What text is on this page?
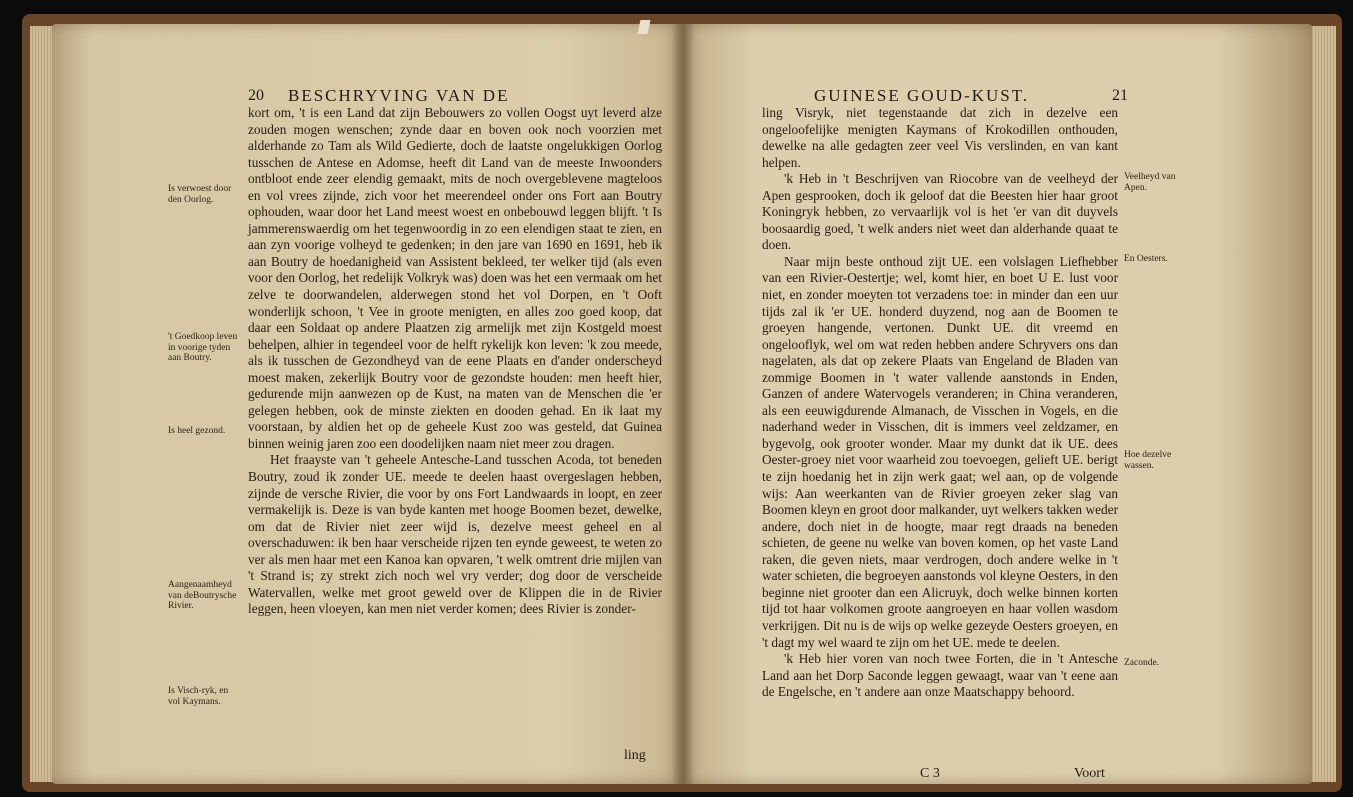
20 BESCHRYVING VAN DE

kort om, 't is een Land dat zijn Bebouwers zo vollen Oogst uyt leverd alze zouden mogen wenschen; zynde daar en boven ook noch voorzien met alderhande zo Tam als Wild Gedierte, doch de laatste ongelukkigen Oorlog tusschen de Antese en Adomse, heeft dit Land van de meeste Inwoonders ontbloot ende zeer elendig gemaakt, mits de noch overgeblevene magteloos en vol vrees zijnde, zich voor het meerendeel onder ons Fort aan Boutry ophouden, waar door het Land meest woest en onbebouwd leggen blijft. 't Is jammerenswaerdig om het tegenwoordig in zo een elendigen staat te zien, en aan zyn voorige volheyd te gedenken; in den jare van 1690 en 1691, heb ik aan Boutry de hoedanigheid van Assistent bekleed, ter welker tijd (als even voor den Oorlog, het redelijk Volkryk was) doen was het een vermaak om het zelve te doorwandelen, alderwegen stond het vol Dorpen, en 't Ooft wonderlijk schoon, 't Vee in groote menigten, en alles zoo goed koop, dat daar een Soldaat op andere Plaatzen zig armelijk met zijn Kostgeld moest behelpen, alhier in tegendeel voor de helft rykelijk kon leven: 'k zou meede, als ik tusschen de Gezondheyd van de eene Plaats en d'ander onderscheyd moest maken, zekerlijk Boutry voor de gezondste houden: men heeft hier, gedurende mijn aanwezen op de Kust, na maten van de Menschen die 'er gelegen hebben, ook de minste ziekten en dooden gehad. En ik laat my voorstaan, by aldien het op de geheele Kust zoo was gesteld, dat Guinea binnen weinig jaren zoo een doodelijken naam niet meer zou dragen.

Het fraayste van 't geheele Antesche-Land tusschen Acoda, tot beneden Boutry, zoud ik zonder UE. meede te deelen haast overgeslagen hebben, zijnde de versche Rivier, die voor by ons Fort Landwaards in loopt, en zeer vermakelijk is. Deze is van byde kanten met hooge Boomen bezet, dewelke, om dat de Rivier niet zeer wijd is, dezelve meest geheel en al overschaduwen: ik ben haar verscheide rijzen ten eynde geweest, te weten zo ver als men haar met een Kanoa kan opvaren, 't welk omtrent drie mijlen van 't Strand is; zy strekt zich noch wel vry verder; dog door de verscheide Watervallen, welke met groot geweld over de Klippen die in de Rivier leggen, heen vloeyen, kan men niet verder komen; dees Rivier is zonder-

ling
Is verwoest door den Oorlog.
't Goedkoop leven in voorige tyden aan Boutry.
Is heel gezond.
Aangenaamheyd van deBoutrysche Rivier.
Is Visch-ryk, en vol Kaymans.
GUINESE GOUD-KUST.	21

ling Visryk, niet tegenstaande dat zich in dezelve een ongeloofelijke menigten Kaymans of Krokodillen onthouden, dewelke na alle gedagten zeer veel Vis verslinden, en van kant helpen.

'k Heb in 't Beschrijven van Riocobre van de veelheyd der Apen gesprooken, doch ik geloof dat die Beesten hier haar groot Koningryk hebben, zo vervaarlijk vol is het 'er van dit duyvels boosaardig goed, 't welk anders niet weet dan alderhande quaat te doen.

Naar mijn beste onthoud zijt UE. een volslagen Liefhebber van een Rivier-Oestertje; wel, komt hier, en boet U E. lust voor niet, en zonder moeyten tot verzadens toe: in minder dan een uur tijds zal ik 'er UE. honderd duyzend, nog aan de Boomen te groeyen hangende, vertonen. Dunkt UE. dit vreemd en ongelooflyk, wel om wat reden hebben andere Schryvers ons dan nagelaten, als dat op zekere Plaats van Engeland de Bladen van zommige Boomen in 't water vallende aanstonds in Enden, Ganzen of andere Watervogels veranderen; in China veranderen, als een eeuwigdurende Almanach, de Visschen in Vogels, en die naderhand weder in Visschen, dit is immers veel zeldzamer, en bygevolg, ook grooter wonder. Maar my dunkt dat ik UE. dees Oester-groey niet voor waarheid zou toevoegen, gelieft UE. berigt te zijn hoedanig het in zijn werk gaat; wel aan, op de volgende wijs: Aan weerkanten van de Rivier groeyen zeker slag van Boomen kleyn en groot door malkander, uyt welkers takken weder andere, doch niet in de hoogte, maar regt draads na beneden schieten, de geene nu welke van boven komen, op het vaste Land raken, die geven niets, maar verdrogen, doch andere welke in 't water schieten, die begroeyen aanstonds vol kleyne Oesters, in den beginne niet grooter dan een Alicruyk, doch welke binnen korten tijd tot haar volkomen groote aangroeyen en haar vollen wasdom verkrijgen. Dit nu is de wijs op welke gezeyde Oesters groeyen, en 't dagt my wel waard te zijn om het UE. mede te deelen.

'k Heb hier voren van noch twee Forten, die in 't Antesche Land aan het Dorp Saconde leggen gewaagt, waar van 't eene aan de Engelsche, en 't andere aan onze Maatschappy behoord.

C 3	Voort
Veelheyd van Apen.
En Oesters.
Hoe dezelve wassen.
Zaconde.
